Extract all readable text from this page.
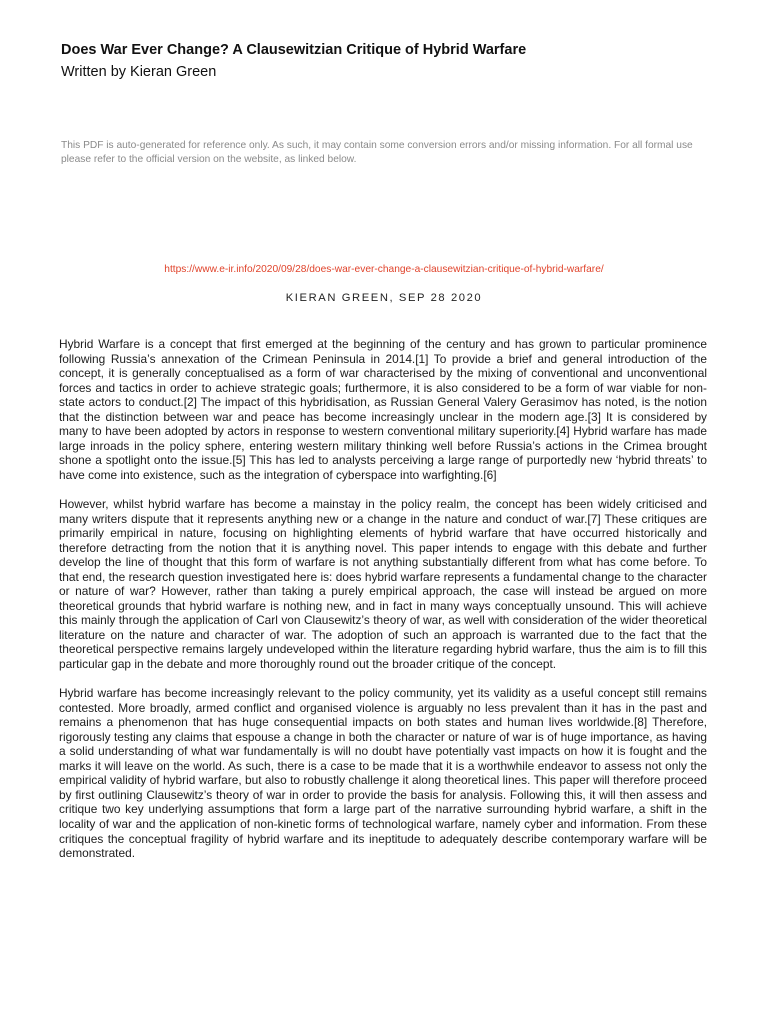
Does War Ever Change? A Clausewitzian Critique of Hybrid Warfare
Written by Kieran Green
This PDF is auto-generated for reference only. As such, it may contain some conversion errors and/or missing information. For all formal use please refer to the official version on the website, as linked below.
https://www.e-ir.info/2020/09/28/does-war-ever-change-a-clausewitzian-critique-of-hybrid-warfare/
KIERAN GREEN, SEP 28 2020

Hybrid Warfare is a concept that first emerged at the beginning of the century and has grown to particular prominence following Russia’s annexation of the Crimean Peninsula in 2014.[1] To provide a brief and general introduction of the concept, it is generally conceptualised as a form of war characterised by the mixing of conventional and unconventional forces and tactics in order to achieve strategic goals; furthermore, it is also considered to be a form of war viable for non-state actors to conduct.[2] The impact of this hybridisation, as Russian General Valery Gerasimov has noted, is the notion that the distinction between war and peace has become increasingly unclear in the modern age.[3] It is considered by many to have been adopted by actors in response to western conventional military superiority.[4] Hybrid warfare has made large inroads in the policy sphere, entering western military thinking well before Russia’s actions in the Crimea brought shone a spotlight onto the issue.[5] This has led to analysts perceiving a large range of purportedly new ‘hybrid threats’ to have come into existence, such as the integration of cyberspace into warfighting.[6]

However, whilst hybrid warfare has become a mainstay in the policy realm, the concept has been widely criticised and many writers dispute that it represents anything new or a change in the nature and conduct of war.[7] These critiques are primarily empirical in nature, focusing on highlighting elements of hybrid warfare that have occurred historically and therefore detracting from the notion that it is anything novel. This paper intends to engage with this debate and further develop the line of thought that this form of warfare is not anything substantially different from what has come before. To that end, the research question investigated here is: does hybrid warfare represents a fundamental change to the character or nature of war? However, rather than taking a purely empirical approach, the case will instead be argued on more theoretical grounds that hybrid warfare is nothing new, and in fact in many ways conceptually unsound. This will achieve this mainly through the application of Carl von Clausewitz’s theory of war, as well with consideration of the wider theoretical literature on the nature and character of war. The adoption of such an approach is warranted due to the fact that the theoretical perspective remains largely undeveloped within the literature regarding hybrid warfare, thus the aim is to fill this particular gap in the debate and more thoroughly round out the broader critique of the concept.

Hybrid warfare has become increasingly relevant to the policy community, yet its validity as a useful concept still remains contested. More broadly, armed conflict and organised violence is arguably no less prevalent than it has in the past and remains a phenomenon that has huge consequential impacts on both states and human lives worldwide.[8] Therefore, rigorously testing any claims that espouse a change in both the character or nature of war is of huge importance, as having a solid understanding of what war fundamentally is will no doubt have potentially vast impacts on how it is fought and the marks it will leave on the world. As such, there is a case to be made that it is a worthwhile endeavor to assess not only the empirical validity of hybrid warfare, but also to robustly challenge it along theoretical lines. This paper will therefore proceed by first outlining Clausewitz’s theory of war in order to provide the basis for analysis. Following this, it will then assess and critique two key underlying assumptions that form a large part of the narrative surrounding hybrid warfare, a shift in the locality of war and the application of non-kinetic forms of technological warfare, namely cyber and information. From these critiques the conceptual fragility of hybrid warfare and its ineptitude to adequately describe contemporary warfare will be demonstrated.
